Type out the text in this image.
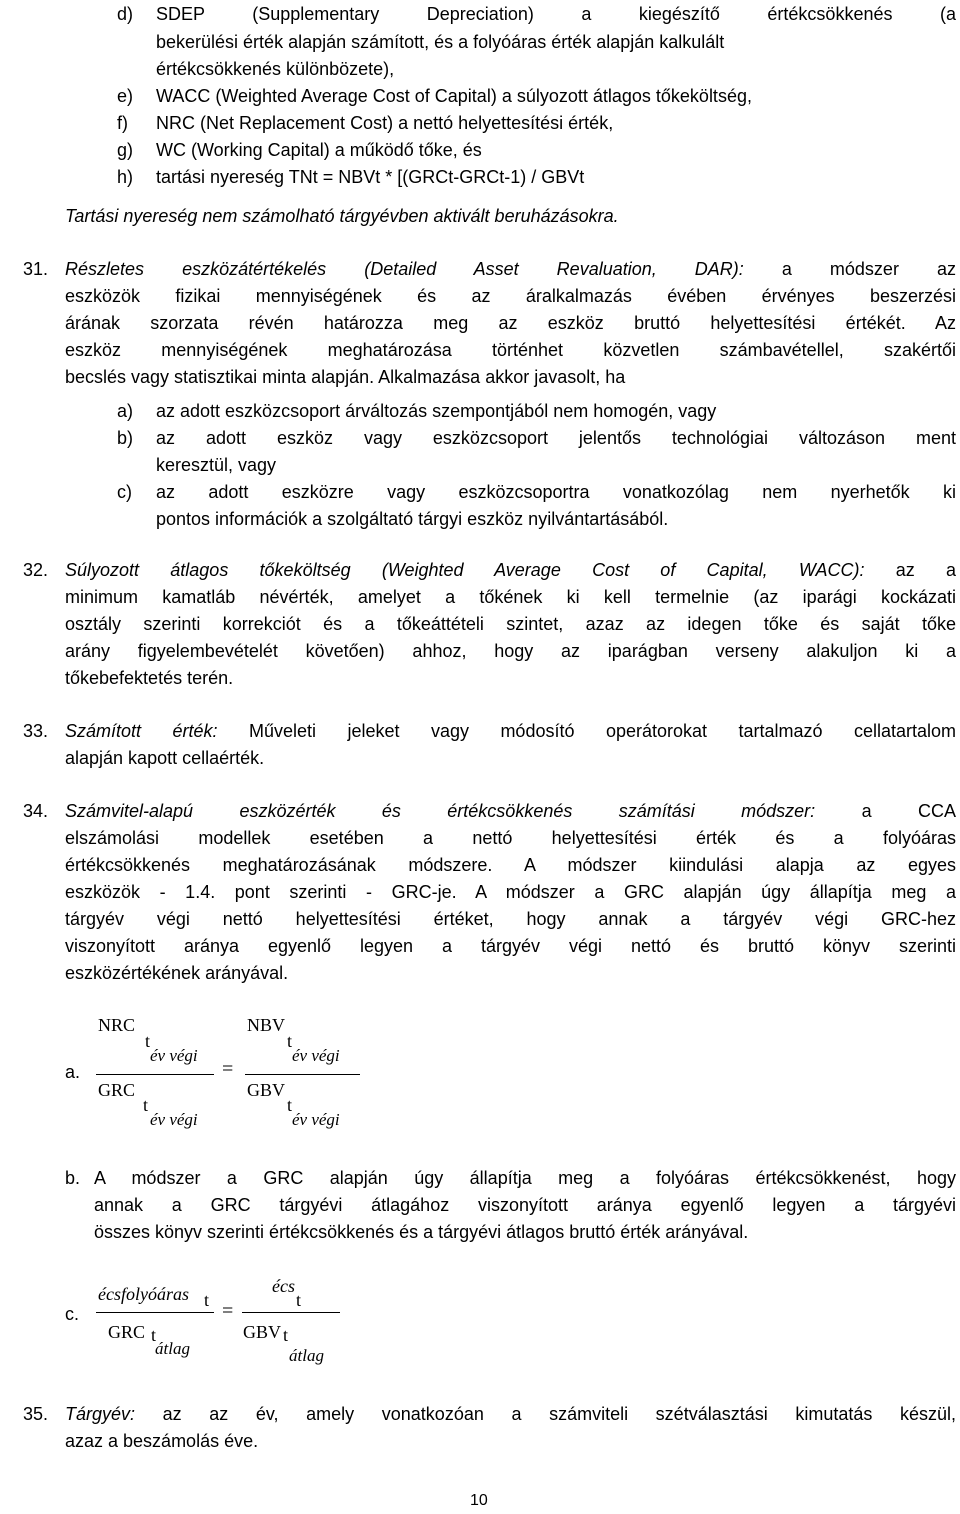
d) SDEP (Supplementary Depreciation) a kiegészítő értékcsökkenés (a
bekerülési érték alapján számított, és a folyóáras érték alapján kalkulált
értékcsökkenés különbözete),
e) WACC (Weighted Average Cost of Capital) a súlyozott átlagos tőkeköltség,
f) NRC (Net Replacement Cost) a nettó helyettesítési érték,
g) WC (Working Capital) a működő tőke, és
h) tartási nyereség TNt = NBVt * [(GRCt-GRCt-1) / GBVt
Tartási nyereség nem számolható tárgyévben aktivált beruházásokra.
31. Részletes eszközátértékelés (Detailed Asset Revaluation, DAR): a módszer az
eszközök fizikai mennyiségének és az áralkalmazás évében érvényes beszerzési
árának szorzata révén határozza meg az eszköz bruttó helyettesítési értékét. Az
eszköz mennyiségének meghatározása történhet közvetlen számbavétellel, szakértői
becslés vagy statisztikai minta alapján. Alkalmazása akkor javasolt, ha
a) az adott eszközcsoport árváltozás szempontjából nem homogén, vagy
b) az adott eszköz vagy eszközcsoport jelentős technológiai változáson ment
keresztül, vagy
c) az adott eszközre vagy eszközcsoportra vonatkozólag nem nyerhetők ki
pontos információk a szolgáltató tárgyi eszköz nyilvántartásából.
32. Súlyozott átlagos tőkeköltség (Weighted Average Cost of Capital, WACC): az a
minimum kamatláb névérték, amelyet a tőkének ki kell termelnie (az iparági kockázati
osztály szerinti korrekciót és a tőkeáttételi szintet, azaz az idegen tőke és saját tőke
arány figyelembevételét követően) ahhoz, hogy az iparágban verseny alakuljon ki a
tőkebefektetés terén.
33. Számított érték: Műveleti jeleket vagy módosító operátorokat tartalmazó cellatartalom
alapján kapott cellaérték.
34. Számvitel-alapú eszközérték és értékcsökkenés számítási módszer:	a CCA
elszámolási modellek esetében a nettó helyettesítési érték és a folyóáras
értékcsökkenés meghatározásának módszere. A módszer kiindulási alapja az egyes
eszközök - 1.4. pont szerinti - GRC-je. A módszer a GRC alapján úgy állapítja meg a
tárgyév végi nettó helyettesítési értéket, hogy annak a tárgyév végi GRC-hez
viszonyított aránya egyenlő legyen a tárgyév végi nettó és bruttó könyv szerinti
eszközértékének arányával.
a.
NRC
t
év végi
GRC
t
év végi
=
NBV
t
év végi
GBV
t
év végi
b. A módszer a GRC alapján úgy állapítja meg a folyóáras értékcsökkenést, hogy
annak a GRC tárgyévi átlagához viszonyított aránya egyenlő legyen a tárgyévi
összes könyv szerinti értékcsökkenés és a tárgyévi átlagos bruttó érték arányával.
c.
écsfolyóáras t
GRC t
átlag
=
écs
t
GBV t
átlag
35. Tárgyév: az az év, amely vonatkozóan a számviteli szétválasztási kimutatás készül,
azaz a beszámolás éve.
10
